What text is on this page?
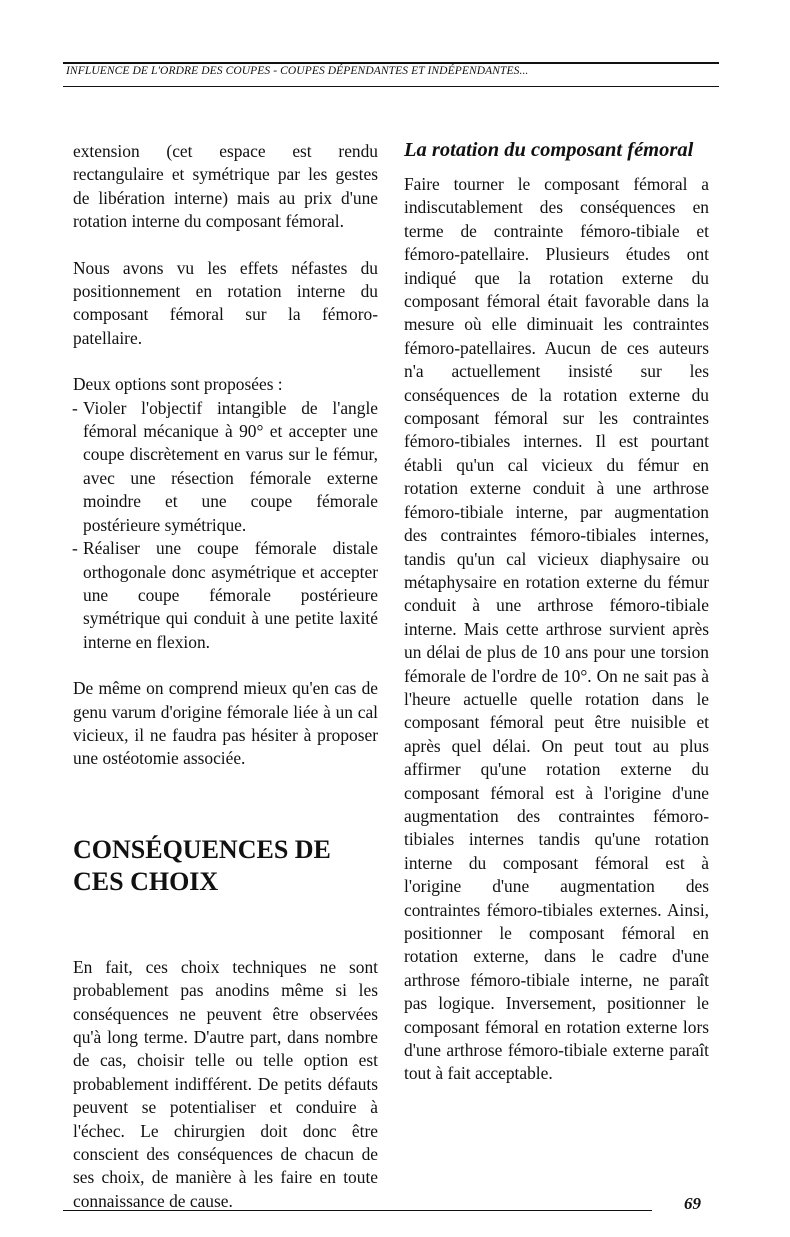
INFLUENCE DE L'ORDRE DES COUPES - COUPES DÉPENDANTES ET INDÉPENDANTES...

extension (cet espace est rendu rectangulaire et symétrique par les gestes de libération interne) mais au prix d'une rotation interne du composant fémoral.

Nous avons vu les effets néfastes du positionnement en rotation interne du composant fémoral sur la fémoro-patellaire.

Deux options sont proposées :

- Violer l'objectif intangible de l'angle fémoral mécanique à 90° et accepter une coupe discrètement en varus sur le fémur, avec une résection fémorale externe moindre et une coupe fémorale postérieure symétrique.
- Réaliser une coupe fémorale distale orthogonale donc asymétrique et accepter une coupe fémorale postérieure symétrique qui conduit à une petite laxité interne en flexion.

De même on comprend mieux qu'en cas de genu varum d'origine fémorale liée à un cal vicieux, il ne faudra pas hésiter à proposer une ostéotomie associée.

CONSÉQUENCES DE
CES CHOIX

En fait, ces choix techniques ne sont probablement pas anodins même si les conséquences ne peuvent être observées qu'à long terme. D'autre part, dans nombre de cas, choisir telle ou telle option est probablement indifférent. De petits défauts peuvent se potentialiser et conduire à l'échec. Le chirurgien doit donc être conscient des conséquences de chacun de ses choix, de manière à les faire en toute connaissance de cause.

La rotation du composant fémoral

Faire tourner le composant fémoral a indiscutablement des conséquences en terme de contrainte fémoro-tibiale et fémoro-patellaire. Plusieurs études ont indiqué que la rotation externe du composant fémoral était favorable dans la mesure où elle diminuait les contraintes fémoro-patellaires. Aucun de ces auteurs n'a actuellement insisté sur les conséquences de la rotation externe du composant fémoral sur les contraintes fémoro-tibiales internes. Il est pourtant établi qu'un cal vicieux du fémur en rotation externe conduit à une arthrose fémoro-tibiale interne, par augmentation des contraintes fémoro-tibiales internes, tandis qu'un cal vicieux diaphysaire ou métaphysaire en rotation externe du fémur conduit à une arthrose fémoro-tibiale interne. Mais cette arthrose survient après un délai de plus de 10 ans pour une torsion fémorale de l'ordre de 10°. On ne sait pas à l'heure actuelle quelle rotation dans le composant fémoral peut être nuisible et après quel délai. On peut tout au plus affirmer qu'une rotation externe du composant fémoral est à l'origine d'une augmentation des contraintes fémoro-tibiales internes tandis qu'une rotation interne du composant fémoral est à l'origine d'une augmentation des contraintes fémoro-tibiales externes. Ainsi, positionner le composant fémoral en rotation externe, dans le cadre d'une arthrose fémoro-tibiale interne, ne paraît pas logique. Inversement, positionner le composant fémoral en rotation externe lors d'une arthrose fémoro-tibiale externe paraît tout à fait acceptable.

69
